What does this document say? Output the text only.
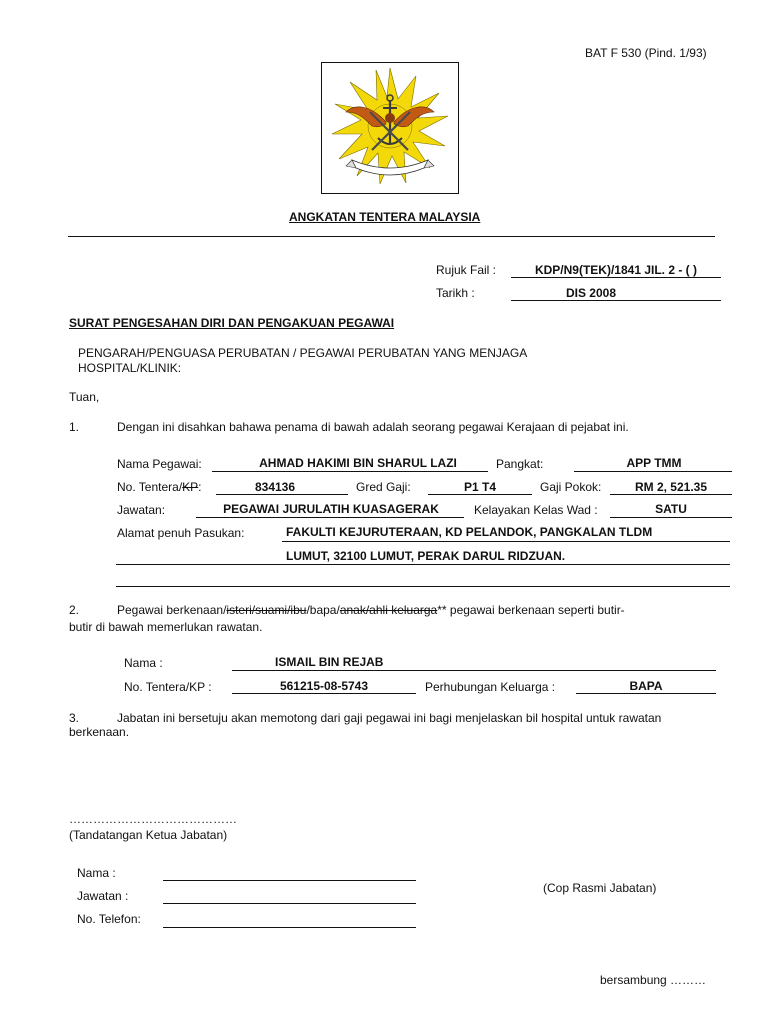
BAT F 530 (Pind. 1/93)
ANGKATAN TENTERA MALAYSIA
Rujuk Fail :	KDP/N9(TEK)/1841 JIL. 2 - ( )
Tarikh :	DIS 2008
SURAT PENGESAHAN DIRI DAN PENGAKUAN PEGAWAI
PENGARAH/PENGUASA PERUBATAN / PEGAWAI PERUBATAN YANG MENJAGA
HOSPITAL/KLINIK:
Tuan,
1.	Dengan ini disahkan bahawa penama di bawah adalah seorang pegawai Kerajaan di pejabat ini.
Nama Pegawai:	AHMAD HAKIMI BIN SHARUL LAZI	Pangkat:	APP TMM
No. Tentera/KP:	834136	Gred Gaji:	P1 T4	Gaji Pokok:	RM 2, 521.35
Jawatan:	PEGAWAI JURULATIH KUASAGERAK	Kelayakan Kelas Wad :	SATU
Alamat penuh Pasukan:	FAKULTI KEJURUTERAAN, KD PELANDOK, PANGKALAN TLDM
LUMUT, 32100 LUMUT, PERAK DARUL RIDZUAN.
2.	Pegawai berkenaan/isteri/suami/ibu/bapa/anak/ahli keluarga** pegawai berkenaan seperti butir-
butir di bawah memerlukan rawatan.
Nama :	ISMAIL BIN REJAB
No. Tentera/KP :	561215-08-5743	Perhubungan Keluarga :	BAPA
3.	Jabatan ini bersetuju akan memotong dari gaji pegawai ini bagi menjelaskan bil hospital untuk rawatan
berkenaan.
……………………………………
(Tandatangan Ketua Jabatan)
Nama :
Jawatan :
No. Telefon:
(Cop Rasmi Jabatan)
bersambung ………
